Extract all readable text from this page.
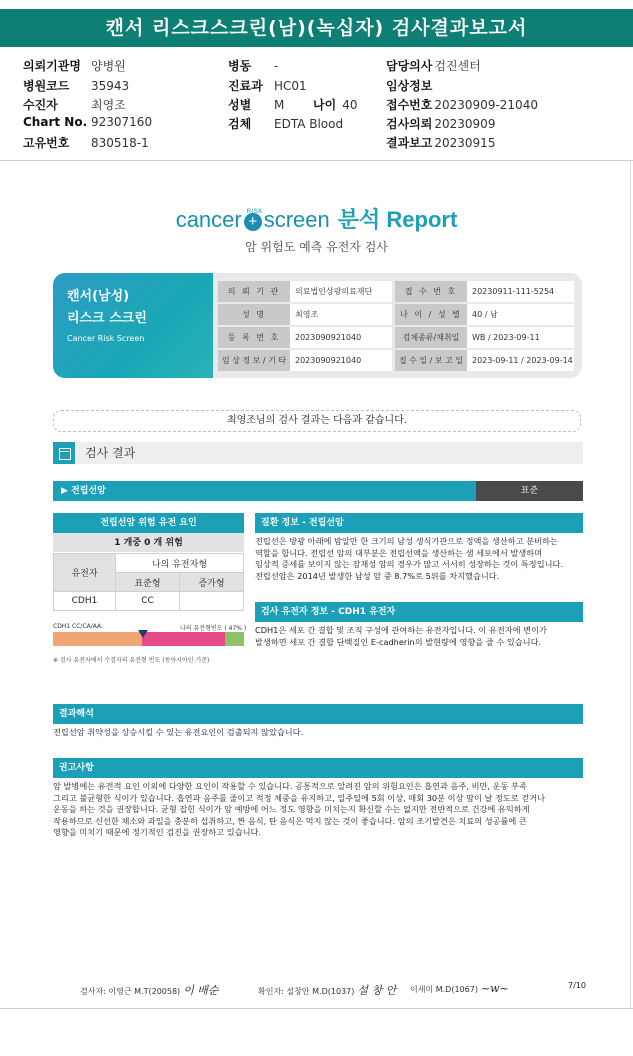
캔서 리스크스크린(남)(녹십자) 검사결과보고서
의뢰기관명 양병원
병원코드 35943
수진자	최영조
Chart No. 92307160
고유번호 830518-1
병동 -
진료과 HC01
성별 M 나이 40
검체 EDTA Blood
담당의사 검진센터
임상정보
접수번호 20230909-21040
검사의뢰 20230909
결과보고 20230915
cancer +
RISK screen 분석 Report
암 위험도 예측 유전자 검사
캔서(남성)
리스크 스크린
Cancer Risk Screen
의 뢰 기 관	의료법인상광의료재단	접 수 번 호	20230911-111-5254
성 명	최영조	나 이 / 성 별	40 / 남
등 록 번 호	2023090921040	검체종류/채취일	WB / 2023-09-11
임 상 정 보 / 기 타	2023090921040	접 수 일 / 보 고 일	2023-09-11 / 2023-09-14
최영조님의 검사 결과는 다음과 같습니다.
검사 결과
▶ 전립선암	표준
전립선암 위험 유전 요인
1 개중 0 개 위험
유전자	나의 유전자형	
	표준형	증가형
CDH1	CC	
CDH1 CC/CA/AA:	나의 유전형빈도 ( 47% )
※ 검사 유전자에서 수검자의 유전형 빈도 (동아시아인 기준)
질환 정보 - 전립선암
전립선은 방광 아래에 밤알만 한 크기의 남성 생식기관으로 정액을 생산하고 분비하는
역할을 합니다. 전립선 암의 대부분은 전립선액을 생산하는 샘 세포에서 발생하며
임상적 증세를 보이지 않는 잠재성 암의 경우가 많고 서서히 성장하는 것이 특징입니다.
전립선암은 2014년 발생한 남성 암 중 8.7%로 5위를 차지했습니다.
검사 유전자 정보 - CDH1 유전자
CDH1은 세포 간 결합 및 조직 구성에 관여하는 유전자입니다. 이 유전자에 변이가
발생하면 세포 간 결합 단백질인 E-cadherin의 발현량에 영향을 줄 수 있습니다.
결과해석
전립선암 취약성을 상승시킬 수 있는 유전요인이 검출되지 않았습니다.
권고사항
암 발병에는 유전적 요인 이외에 다양한 요인이 작용할 수 있습니다. 공통적으로 알려진 암의 위험요인은 흡연과 음주, 비만, 운동 부족
그리고 불균형한 식이가 있습니다. 흡연과 음주를 줄이고 적정 체중을 유지하고, 일주일에 5회 이상, 매회 30분 이상 땀이 날 정도로 걷거나
운동을 하는 것을 권장합니다. 균형 잡힌 식이가 암 예방에 어느 정도 영향을 미치는지 확신할 수는 없지만 전반적으로 건강에 유익하게
작용하므로 신선한 채소와 과일을 충분히 섭취하고, 짠 음식, 탄 음식은 먹지 않는 것이 좋습니다. 암의 조기발견은 치료의 성공률에 큰
영향을 미치기 때문에 정기적인 검진을 권장하고 있습니다.
검사자: 이영근 M.T(20058) 이 배순	확인자: 설창안 M.D(1037) 설 창 안 이새미 M.D(1067) ~w~	7/10
